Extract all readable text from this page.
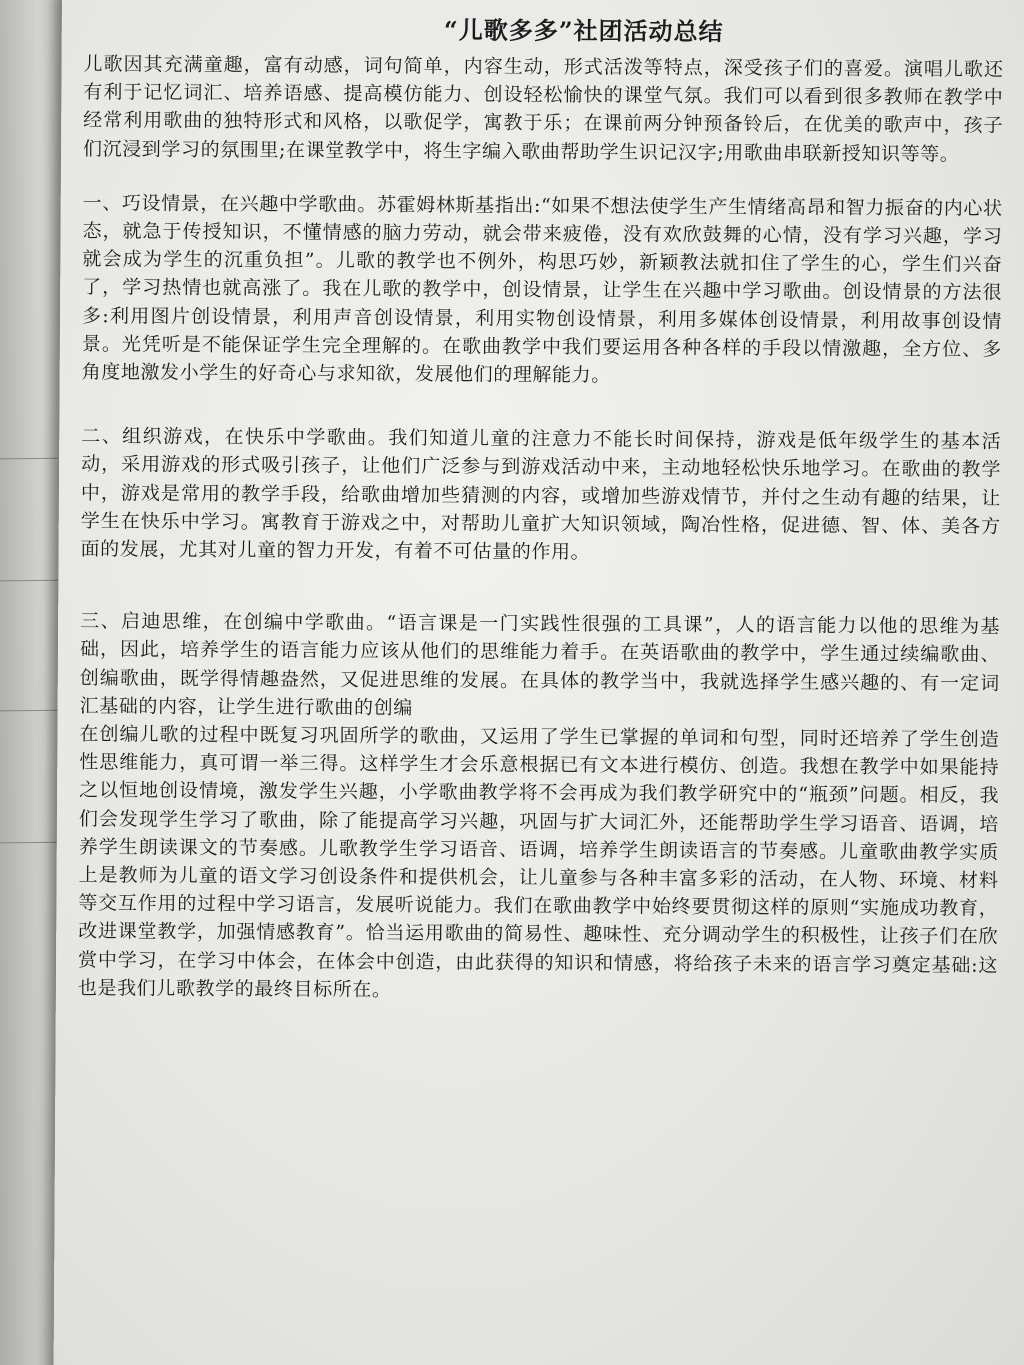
“儿歌多多”社团活动总结

儿歌因其充满童趣，富有动感，词句简单，内容生动，形式活泼等特点，深受孩子们的喜爱。演唱儿歌还有利于记忆词汇、培养语感、提高模仿能力、创设轻松愉快的课堂气氛。我们可以看到很多教师在教学中经常利用歌曲的独特形式和风格，以歌促学，寓教于乐；在课前两分钟预备铃后，在优美的歌声中，孩子们沉浸到学习的氛围里;在课堂教学中，将生字编入歌曲帮助学生识记汉字;用歌曲串联新授知识等等。

一、巧设情景，在兴趣中学歌曲。苏霍姆林斯基指出:“如果不想法使学生产生情绪高昂和智力振奋的内心状态，就急于传授知识，不懂情感的脑力劳动，就会带来疲倦，没有欢欣鼓舞的心情，没有学习兴趣，学习就会成为学生的沉重负担”。儿歌的教学也不例外，构思巧妙，新颖教法就扣住了学生的心，学生们兴奋了，学习热情也就高涨了。我在儿歌的教学中，创设情景，让学生在兴趣中学习歌曲。创设情景的方法很多:利用图片创设情景，利用声音创设情景，利用实物创设情景，利用多媒体创设情景，利用故事创设情景。光凭听是不能保证学生完全理解的。在歌曲教学中我们要运用各种各样的手段以情激趣，全方位、多角度地激发小学生的好奇心与求知欲，发展他们的理解能力。

二、组织游戏，在快乐中学歌曲。我们知道儿童的注意力不能长时间保持，游戏是低年级学生的基本活动，采用游戏的形式吸引孩子，让他们广泛参与到游戏活动中来，主动地轻松快乐地学习。在歌曲的教学中，游戏是常用的教学手段，给歌曲增加些猜测的内容，或增加些游戏情节，并付之生动有趣的结果，让学生在快乐中学习。寓教育于游戏之中，对帮助儿童扩大知识领域，陶冶性格，促进德、智、体、美各方面的发展，尤其对儿童的智力开发，有着不可估量的作用。

三、启迪思维，在创编中学歌曲。“语言课是一门实践性很强的工具课”，人的语言能力以他的思维为基础，因此，培养学生的语言能力应该从他们的思维能力着手。在英语歌曲的教学中，学生通过续编歌曲、创编歌曲，既学得情趣盎然，又促进思维的发展。在具体的教学当中，我就选择学生感兴趣的、有一定词汇基础的内容，让学生进行歌曲的创编

在创编儿歌的过程中既复习巩固所学的歌曲，又运用了学生已掌握的单词和句型，同时还培养了学生创造性思维能力，真可谓一举三得。这样学生才会乐意根据已有文本进行模仿、创造。我想在教学中如果能持之以恒地创设情境，激发学生兴趣，小学歌曲教学将不会再成为我们教学研究中的“瓶颈”问题。相反，我们会发现学生学习了歌曲，除了能提高学习兴趣，巩固与扩大词汇外，还能帮助学生学习语音、语调，培养学生朗读课文的节奏感。儿歌教学生学习语音、语调，培养学生朗读语言的节奏感。儿童歌曲教学实质上是教师为儿童的语文学习创设条件和提供机会，让儿童参与各种丰富多彩的活动，在人物、环境、材料等交互作用的过程中学习语言，发展听说能力。我们在歌曲教学中始终要贯彻这样的原则“实施成功教育，改进课堂教学，加强情感教育”。恰当运用歌曲的简易性、趣味性、充分调动学生的积极性，让孩子们在欣赏中学习，在学习中体会，在体会中创造，由此获得的知识和情感，将给孩子未来的语言学习奠定基础:这也是我们儿歌教学的最终目标所在。
